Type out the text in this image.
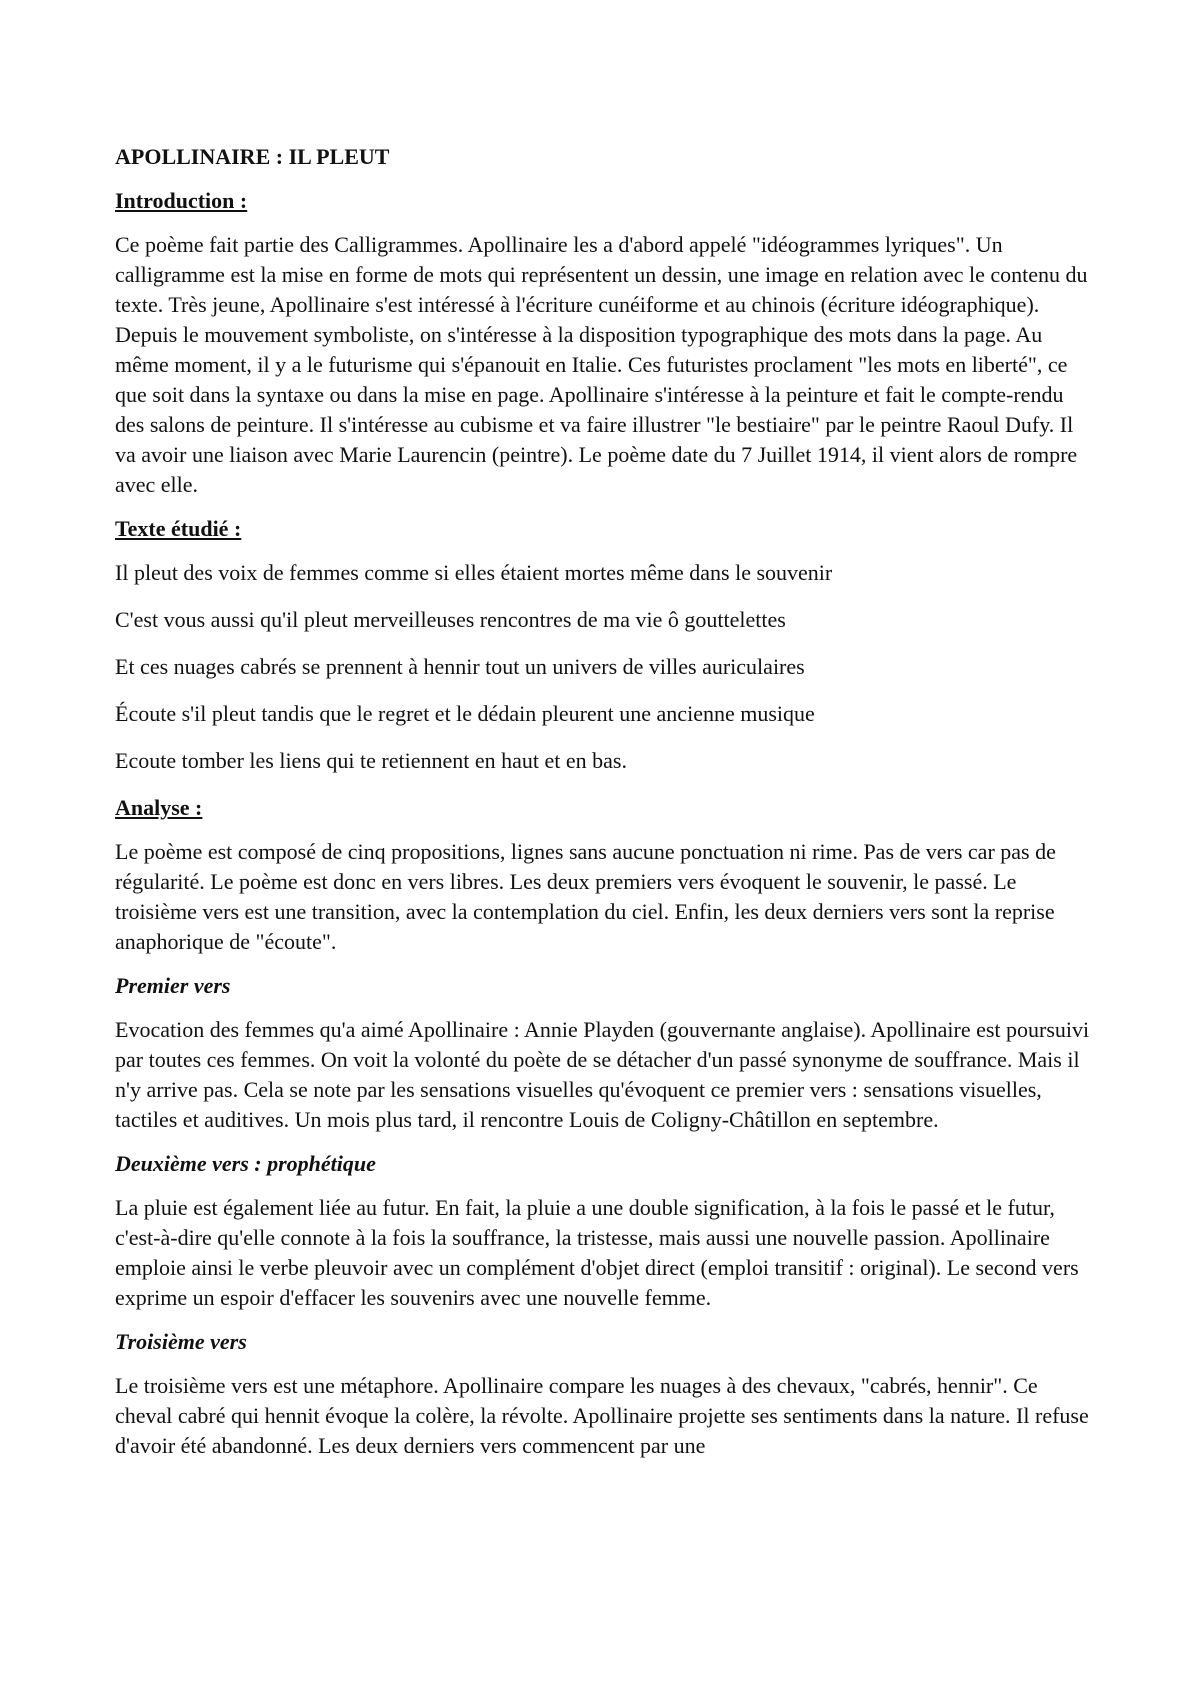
APOLLINAIRE : IL PLEUT
Introduction :

Ce poème fait partie des Calligrammes. Apollinaire les a d'abord appelé "idéogrammes lyriques". Un calligramme est la mise en forme de mots qui représentent un dessin, une image en relation avec le contenu du texte. Très jeune, Apollinaire s'est intéressé à l'écriture cunéiforme et au chinois (écriture idéographique). Depuis le mouvement symboliste, on s'intéresse à la disposition typographique des mots dans la page. Au même moment, il y a le futurisme qui s'épanouit en Italie. Ces futuristes proclament "les mots en liberté", ce que soit dans la syntaxe ou dans la mise en page. Apollinaire s'intéresse à la peinture et fait le compte-rendu des salons de peinture. Il s'intéresse au cubisme et va faire illustrer "le bestiaire" par le peintre Raoul Dufy. Il va avoir une liaison avec Marie Laurencin (peintre). Le poème date du 7 Juillet 1914, il vient alors de rompre avec elle.

Texte étudié :

Il pleut des voix de femmes comme si elles étaient mortes même dans le souvenir

C'est vous aussi qu'il pleut merveilleuses rencontres de ma vie ô gouttelettes

Et ces nuages cabrés se prennent à hennir tout un univers de villes auriculaires

Écoute s'il pleut tandis que le regret et le dédain pleurent une ancienne musique

Ecoute tomber les liens qui te retiennent en haut et en bas.

Analyse :

Le poème est composé de cinq propositions, lignes sans aucune ponctuation ni rime. Pas de vers car pas de régularité. Le poème est donc en vers libres. Les deux premiers vers évoquent le souvenir, le passé. Le troisième vers est une transition, avec la contemplation du ciel. Enfin, les deux derniers vers sont la reprise anaphorique de "écoute".

Premier vers

Evocation des femmes qu'a aimé Apollinaire : Annie Playden (gouvernante anglaise). Apollinaire est poursuivi par toutes ces femmes. On voit la volonté du poète de se détacher d'un passé synonyme de souffrance. Mais il n'y arrive pas. Cela se note par les sensations visuelles qu'évoquent ce premier vers : sensations visuelles, tactiles et auditives. Un mois plus tard, il rencontre Louis de Coligny-Châtillon en septembre.

Deuxième vers : prophétique

La pluie est également liée au futur. En fait, la pluie a une double signification, à la fois le passé et le futur, c'est-à-dire qu'elle connote à la fois la souffrance, la tristesse, mais aussi une nouvelle passion. Apollinaire emploie ainsi le verbe pleuvoir avec un complément d'objet direct (emploi transitif : original). Le second vers exprime un espoir d'effacer les souvenirs avec une nouvelle femme.

Troisième vers

Le troisième vers est une métaphore. Apollinaire compare les nuages à des chevaux, "cabrés, hennir". Ce cheval cabré qui hennit évoque la colère, la révolte. Apollinaire projette ses sentiments dans la nature. Il refuse d'avoir été abandonné. Les deux derniers vers commencent par une
